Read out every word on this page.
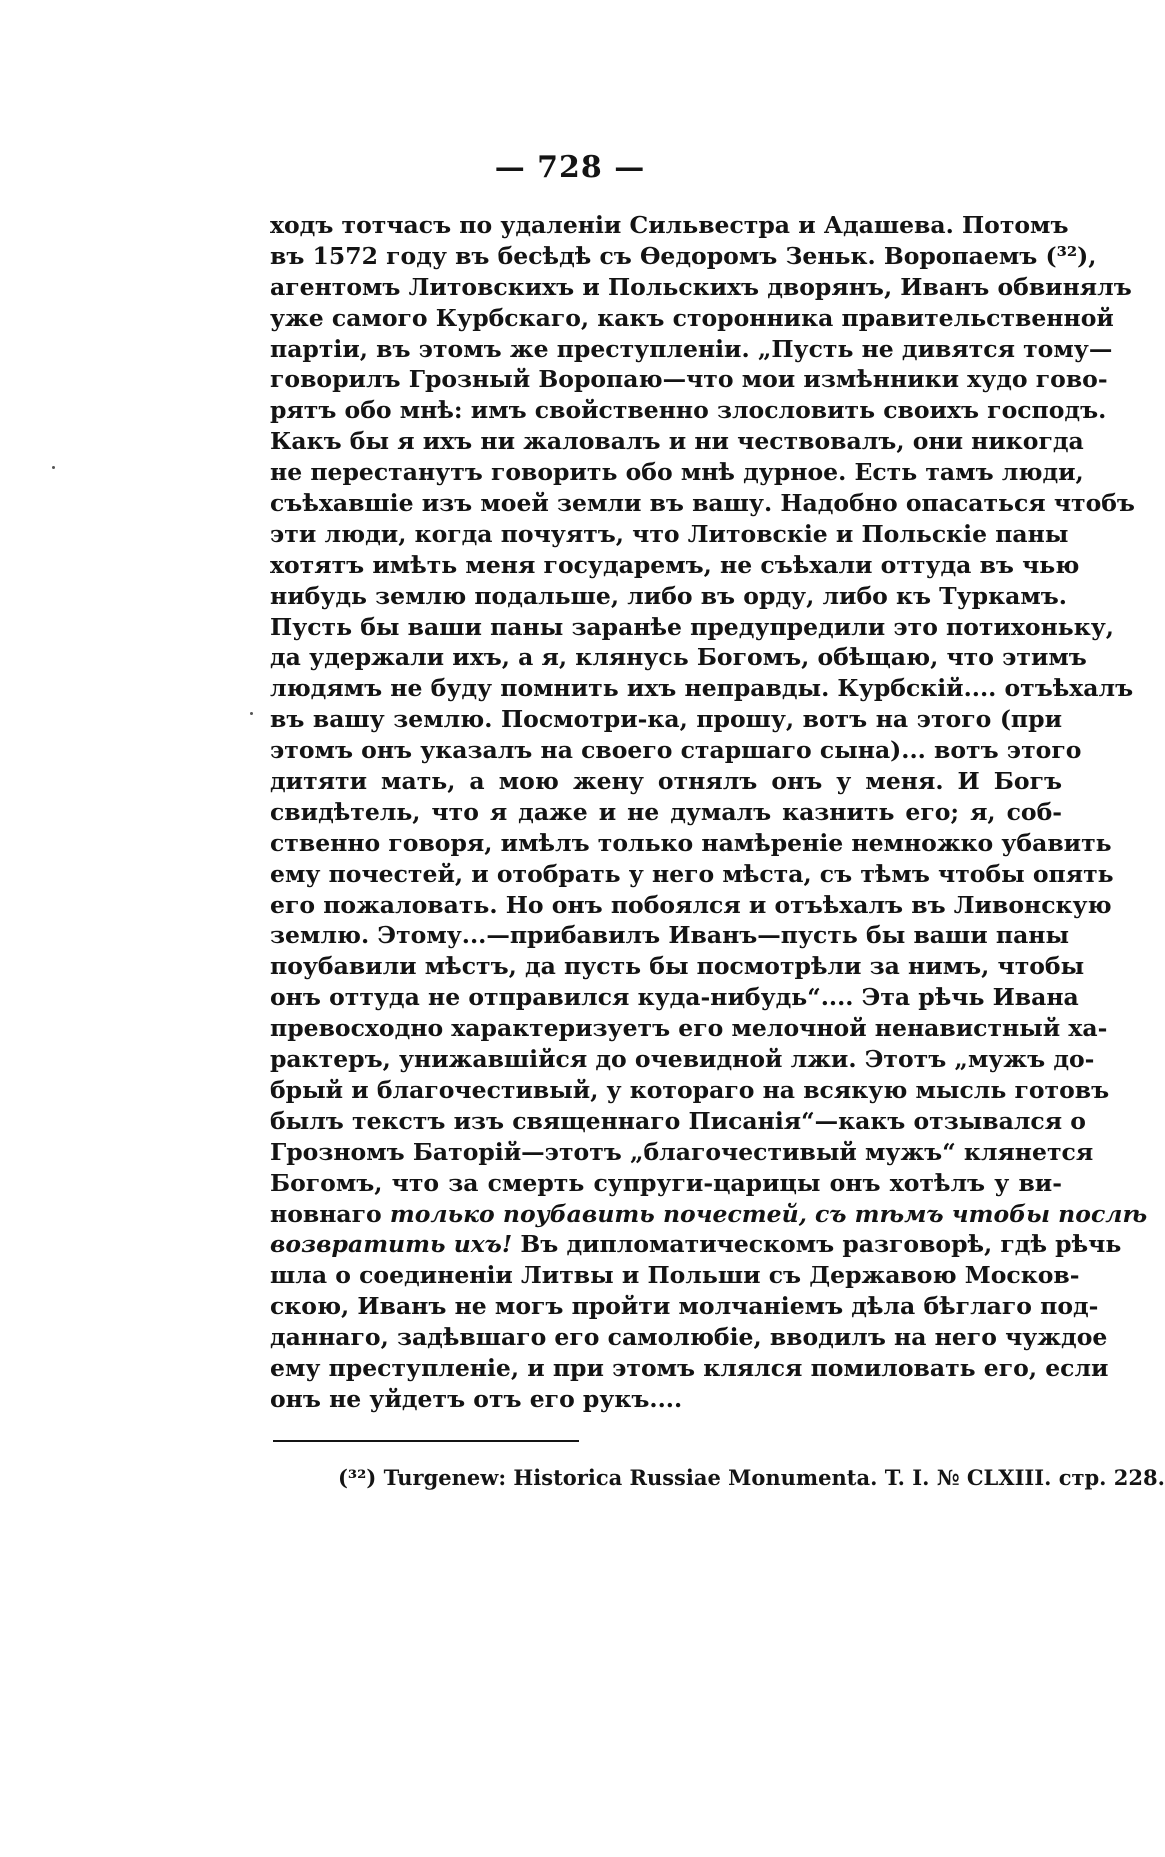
— 728 —
ходъ тотчасъ по удаленіи Сильвестра и Адашева. Потомъ
въ 1572 году въ бесѣдѣ съ Ѳедоромъ Зеньк. Воропаемъ (³²),
агентомъ Литовскихъ и Польскихъ дворянъ, Иванъ обвинялъ
уже самого Курбскаго, какъ сторонника правительственной
партіи, въ этомъ же преступленіи. „Пусть не дивятся тому—
говорилъ Грозный Воропаю—что мои измѣнники худо гово-
рятъ обо мнѣ: имъ свойственно злословить своихъ господъ.
Какъ бы я ихъ ни жаловалъ и ни чествовалъ, они никогда
не перестанутъ говорить обо мнѣ дурное. Есть тамъ люди,
съѣхавшіе изъ моей земли въ вашу. Надобно опасаться чтобъ
эти люди, когда почуятъ, что Литовскіе и Польскіе паны
хотятъ имѣть меня государемъ, не съѣхали оттуда въ чью
нибудь землю подальше, либо въ орду, либо къ Туркамъ.
Пусть бы ваши паны заранѣе предупредили это потихоньку,
да удержали ихъ, а я, клянусь Богомъ, обѣщаю, что этимъ
людямъ не буду помнить ихъ неправды. Курбскій.... отъѣхалъ
въ вашу землю. Посмотри-ка, прошу, вотъ на этого (при
этомъ онъ указалъ на своего старшаго сына)... вотъ этого
дитяти мать, а мою жену отнялъ онъ у меня. И Богъ
свидѣтель, что я даже и не думалъ казнить его; я, соб-
ственно говоря, имѣлъ только намѣреніе немножко убавить
ему почестей, и отобрать у него мѣста, съ тѣмъ чтобы опять
его пожаловать. Но онъ побоялся и отъѣхалъ въ Ливонскую
землю. Этому...—прибавилъ Иванъ—пусть бы ваши паны
поубавили мѣстъ, да пусть бы посмотрѣли за нимъ, чтобы
онъ оттуда не отправился куда-нибудь“.... Эта рѣчь Ивана
превосходно характеризуетъ его мелочной ненавистный ха-
рактеръ, унижавшійся до очевидной лжи. Этотъ „мужъ до-
брый и благочестивый, у котораго на всякую мысль готовъ
былъ текстъ изъ священнаго Писанія“—какъ отзывался о
Грозномъ Баторій—этотъ „благочестивый мужъ“ клянется
Богомъ, что за смерть супруги-царицы онъ хотѣлъ у ви-
новнаго только поубавить почестей, съ тѣмъ чтобы послѣ
возвратить ихъ! Въ дипломатическомъ разговорѣ, гдѣ рѣчь
шла о соединеніи Литвы и Польши съ Державою Москов-
скою, Иванъ не могъ пройти молчаніемъ дѣла бѣглаго под-
даннаго, задѣвшаго его самолюбіе, вводилъ на него чуждое
ему преступленіе, и при этомъ клялся помиловать его, если
онъ не уйдетъ отъ его рукъ....
(³²) Turgenew: Historica Russiae Monumenta. T. I. № CLXIII. стр. 228.
